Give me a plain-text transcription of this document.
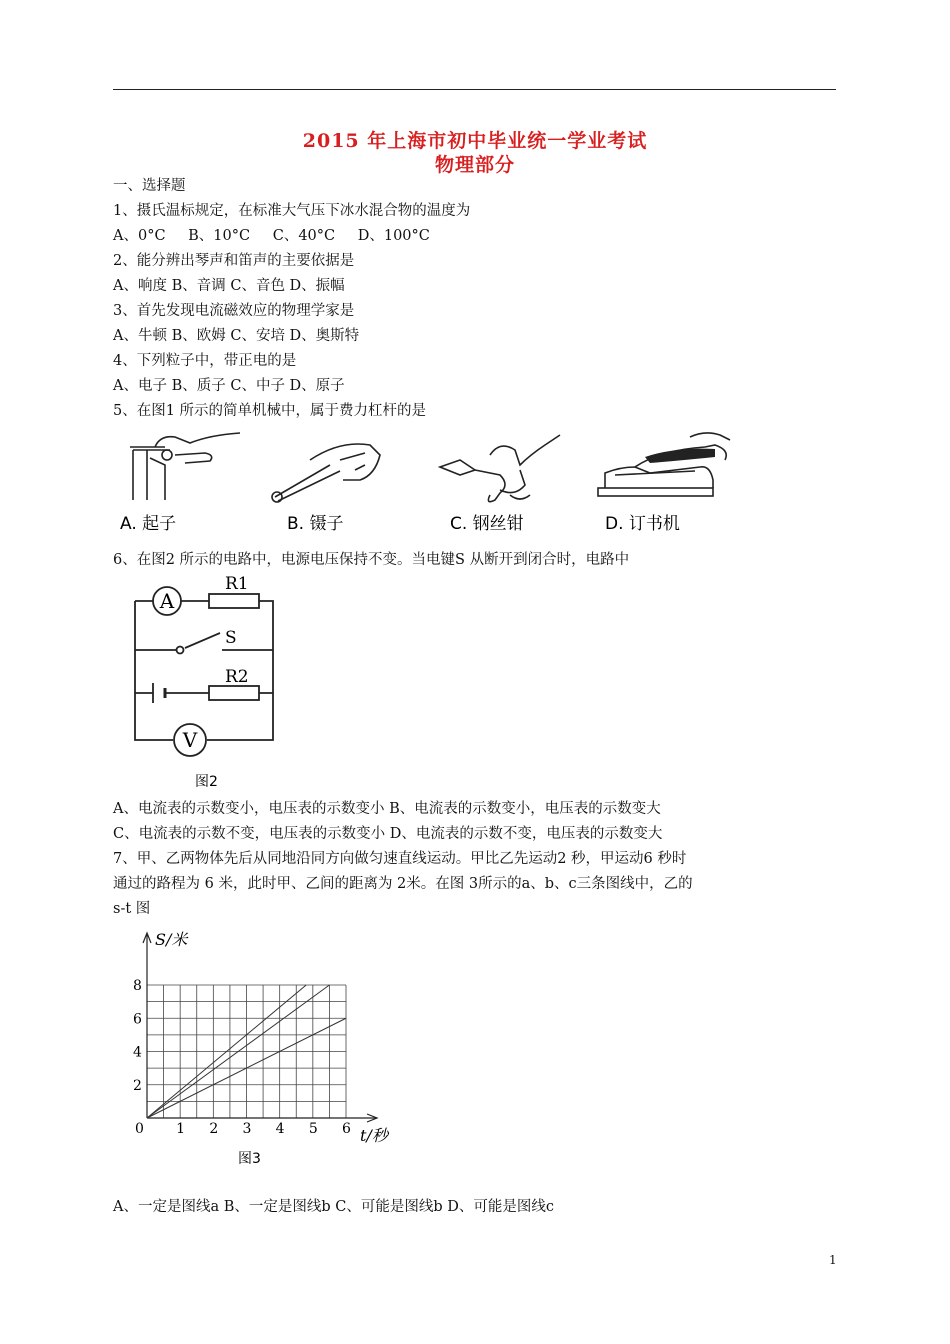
2015 年上海市初中毕业统一学业考试
物理部分
一、选择题
1、摄氏温标规定，在标准大气压下冰水混合物的温度为
A、0°C B、10°C C、40°C D、100°C
2、能分辨出琴声和笛声的主要依据是
A、响度 B、音调 C、音色 D、振幅
3、首先发现电流磁效应的物理学家是
A、牛顿 B、欧姆 C、安培 D、奥斯特
4、下列粒子中，带正电的是
A、电子 B、质子 C、中子 D、原子
5、在图1 所示的简单机械中，属于费力杠杆的是
A. 起子	B. 镊子	C. 钢丝钳	D. 订书机
6、在图2 所示的电路中，电源电压保持不变。当电键S 从断开到闭合时，电路中
A
V
R1
R2
S
图2
A、电流表的示数变小，电压表的示数变小 B、电流表的示数变小，电压表的示数变大
C、电流表的示数不变，电压表的示数变小 D、电流表的示数不变，电压表的示数变大
7、甲、乙两物体先后从同地沿同方向做匀速直线运动。甲比乙先运动2 秒，甲运动6 秒时
通过的路程为 6 米，此时甲、乙间的距离为 2米。在图 3所示的a、b、c三条图线中，乙的
s-t 图
1 2 3 4 5 6
2
4
6
8
S/米
t/秒
0
图3
A、一定是图线a B、一定是图线b C、可能是图线b D、可能是图线c
1
